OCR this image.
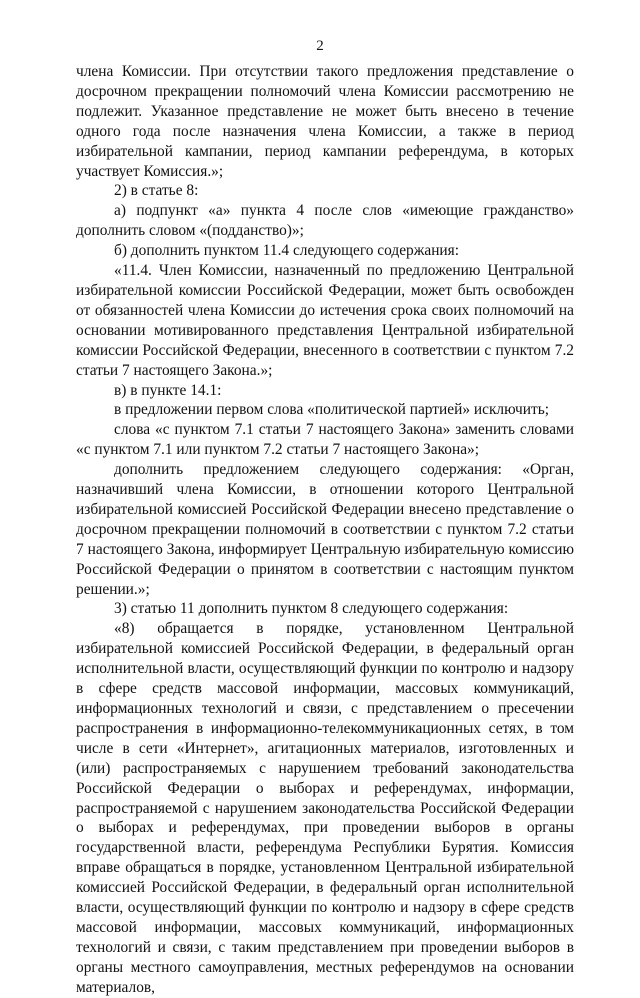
2

члена Комиссии. При отсутствии такого предложения представление о досрочном прекращении полномочий члена Комиссии рассмотрению не подлежит. Указанное представление не может быть внесено в течение одного года после назначения члена Комиссии, а также в период избирательной кампании, период кампании референдума, в которых участвует Комиссия.»;

2) в статье 8:

а) подпункт «а» пункта 4 после слов «имеющие гражданство» дополнить словом «(подданство)»;

б) дополнить пунктом 11.4 следующего содержания:

«11.4. Член Комиссии, назначенный по предложению Центральной избирательной комиссии Российской Федерации, может быть освобожден от обязанностей члена Комиссии до истечения срока своих полномочий на основании мотивированного представления Центральной избирательной комиссии Российской Федерации, внесенного в соответствии с пунктом 7.2 статьи 7 настоящего Закона.»;

в) в пункте 14.1:

в предложении первом слова «политической партией» исключить;

слова «с пунктом 7.1 статьи 7 настоящего Закона» заменить словами «с пунктом 7.1 или пунктом 7.2 статьи 7 настоящего Закона»;

дополнить предложением следующего содержания: «Орган, назначивший члена Комиссии, в отношении которого Центральной избирательной комиссией Российской Федерации внесено представление о досрочном прекращении полномочий в соответствии с пунктом 7.2 статьи 7 настоящего Закона, информирует Центральную избирательную комиссию Российской Федерации о принятом в соответствии с настоящим пунктом решении.»;

3) статью 11 дополнить пунктом 8 следующего содержания:

«8) обращается в порядке, установленном Центральной избирательной комиссией Российской Федерации, в федеральный орган исполнительной власти, осуществляющий функции по контролю и надзору в сфере средств массовой информации, массовых коммуникаций, информационных технологий и связи, с представлением о пресечении распространения в информационно-телекоммуникационных сетях, в том числе в сети «Интернет», агитационных материалов, изготовленных и (или) распространяемых с нарушением требований законодательства Российской Федерации о выборах и референдумах, информации, распространяемой с нарушением законодательства Российской Федерации о выборах и референдумах, при проведении выборов в органы государственной власти, референдума Республики Бурятия. Комиссия вправе обращаться в порядке, установленном Центральной избирательной комиссией Российской Федерации, в федеральный орган исполнительной власти, осуществляющий функции по контролю и надзору в сфере средств массовой информации, массовых коммуникаций, информационных технологий и связи, с таким представлением при проведении выборов в органы местного самоуправления, местных референдумов на основании материалов,
